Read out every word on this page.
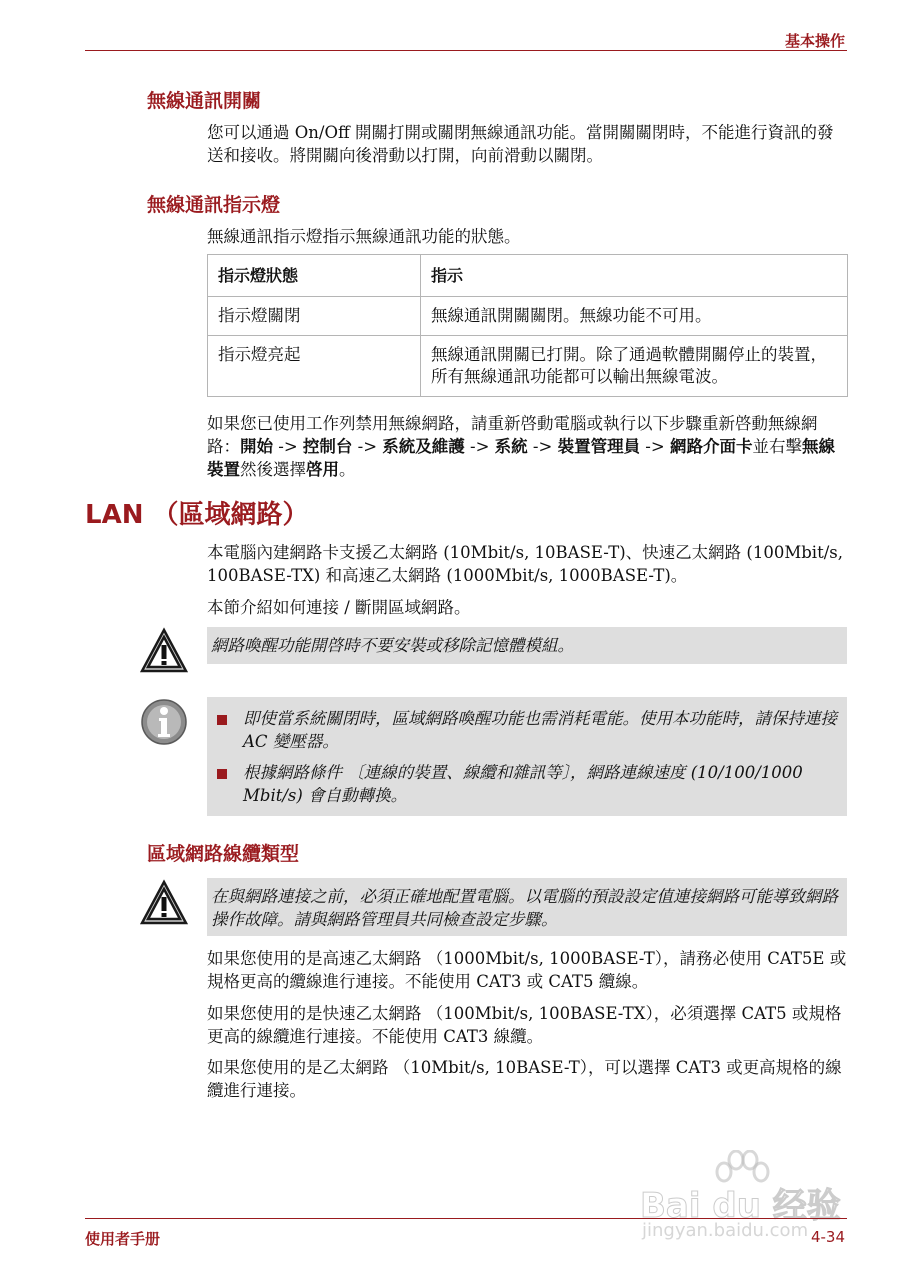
基本操作
無線通訊開關

您可以通過 On/Off 開關打開或關閉無線通訊功能。當開關關閉時，不能進行資訊的發送和接收。將開關向後滑動以打開，向前滑動以關閉。

無線通訊指示燈

無線通訊指示燈指示無線通訊功能的狀態。

指示燈狀態	指示
指示燈關閉	無線通訊開關關閉。無線功能不可用。
指示燈亮起	無線通訊開關已打開。除了通過軟體開關停止的裝置，所有無線通訊功能都可以輸出無線電波。

如果您已使用工作列禁用無線網路，請重新啓動電腦或執行以下步驟重新啓動無線網路：開始 -> 控制台 -> 系統及維護 -> 系統 -> 裝置管理員 -> 網路介面卡並右擊無線裝置然後選擇啓用。

LAN （區域網路）

本電腦內建網路卡支援乙太網路 (10Mbit/s, 10BASE-T)、快速乙太網路 (100Mbit/s, 100BASE-TX) 和高速乙太網路 (1000Mbit/s, 1000BASE-T)。

本節介紹如何連接 / 斷開區域網路。

網路喚醒功能開啓時不要安裝或移除記憶體模組。
即使當系統關閉時，區域網路喚醒功能也需消耗電能。使用本功能時，請保持連接 AC 變壓器。
根據網路條件 〔連線的裝置、線纜和雜訊等〕，網路連線速度 (10/100/1000 Mbit/s) 會自動轉換。
區域網路線纜類型
在與網路連接之前，必須正確地配置電腦。以電腦的預設設定值連接網路可能導致網路操作故障。請與網路管理員共同檢查設定步驟。

如果您使用的是高速乙太網路 （1000Mbit/s, 1000BASE-T），請務必使用 CAT5E 或規格更高的纜線進行連接。不能使用 CAT3 或 CAT5 纜線。

如果您使用的是快速乙太網路 （100Mbit/s, 100BASE-TX），必須選擇 CAT5 或規格更高的線纜進行連接。不能使用 CAT3 線纜。

如果您使用的是乙太網路 （10Mbit/s, 10BASE-T），可以選擇 CAT3 或更高規格的線纜進行連接。

Bai du 经验
jingyan.baidu.com
使用者手册	4-34
